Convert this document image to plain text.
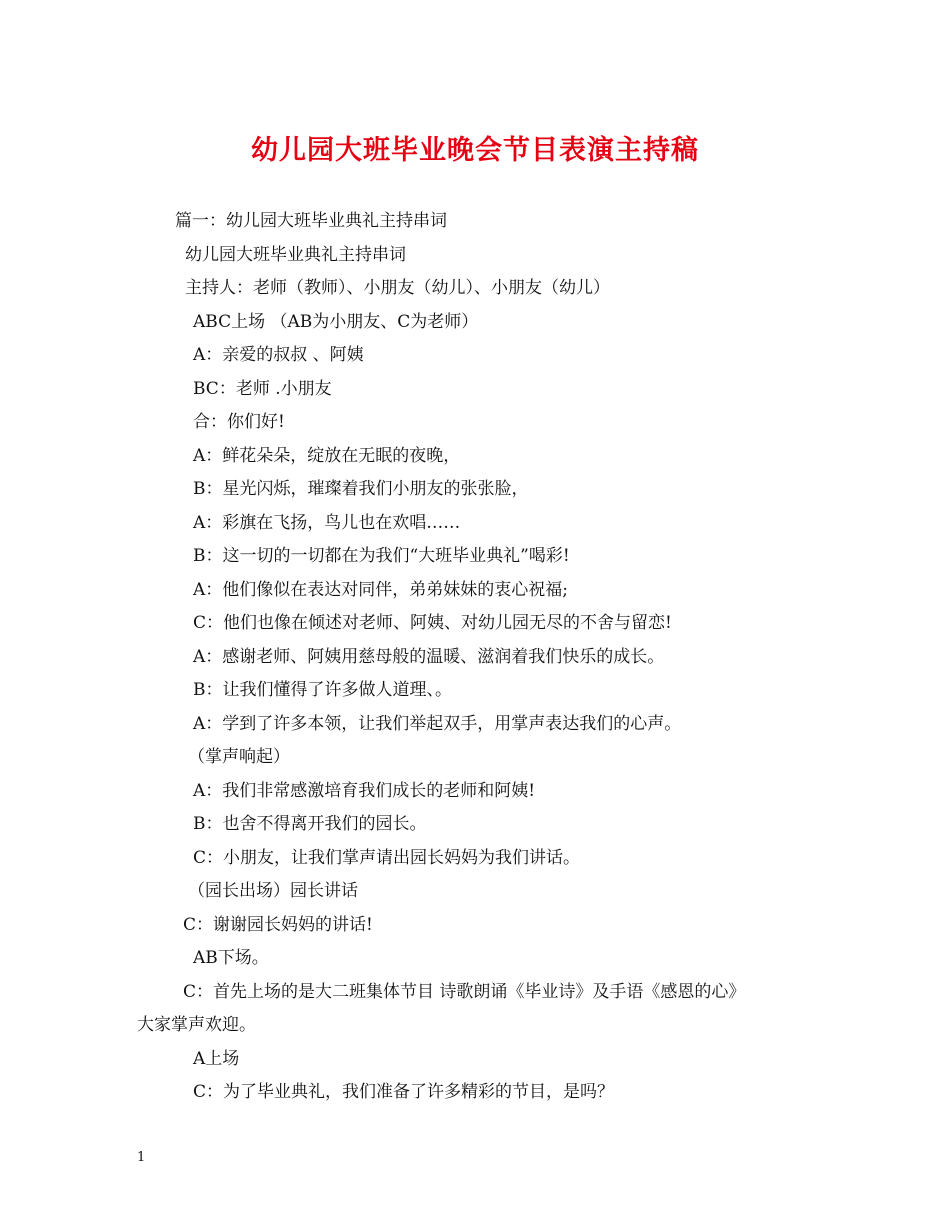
幼儿园大班毕业晚会节目表演主持稿
篇一：幼儿园大班毕业典礼主持串词
幼儿园大班毕业典礼主持串词
主持人：老师（教师）、小朋友（幼儿）、小朋友（幼儿）
ABC上场 （AB为小朋友、C为老师）
A：亲爱的叔叔 、阿姨
BC：老师 .小朋友
合：你们好!
A：鲜花朵朵，绽放在无眠的夜晚，
B：星光闪烁，璀璨着我们小朋友的张张脸，
A：彩旗在飞扬，鸟儿也在欢唱……
B：这一切的一切都在为我们“大班毕业典礼”喝彩!
A：他们像似在表达对同伴，弟弟妹妹的衷心祝福;
C：他们也像在倾述对老师、阿姨、对幼儿园无尽的不舍与留恋!
A：感谢老师、阿姨用慈母般的温暖、滋润着我们快乐的成长。
B：让我们懂得了许多做人道理、。
A：学到了许多本领，让我们举起双手，用掌声表达我们的心声。
（掌声响起）
A：我们非常感激培育我们成长的老师和阿姨!
B：也舍不得离开我们的园长。
C：小朋友，让我们掌声请出园长妈妈为我们讲话。
（园长出场）园长讲话
C：谢谢园长妈妈的讲话!
AB下场。
C：首先上场的是大二班集体节目 诗歌朗诵《毕业诗》及手语《感恩的心》
大家掌声欢迎。
A上场
C：为了毕业典礼，我们准备了许多精彩的节目，是吗？
1
